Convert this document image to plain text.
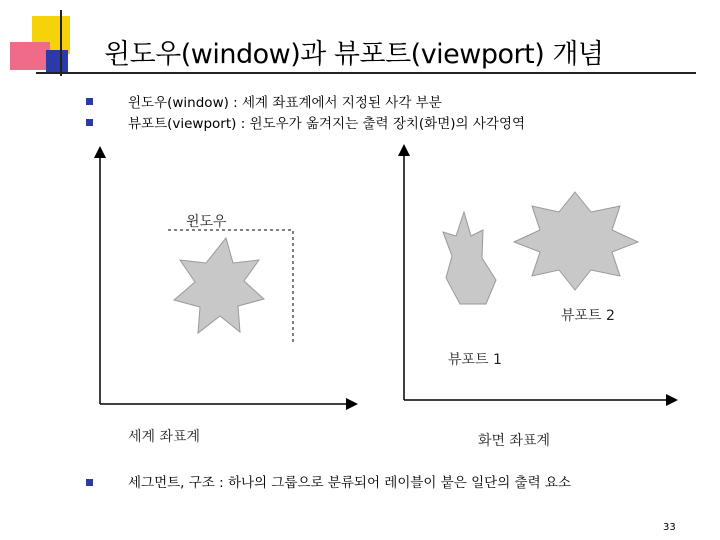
윈도우(window)과 뷰포트(viewport) 개념
윈도우(window) : 세계 좌표계에서 지정된 사각 부분
뷰포트(viewport) : 윈도우가 옮겨지는 출력 장치(화면)의 사각영역
세그먼트, 구조 : 하나의 그룹으로 분류되어 레이블이 붙은 일단의 출력 요소
윈도우
뷰포트 2
뷰포트 1
세계 좌표계	화면 좌표계
33
